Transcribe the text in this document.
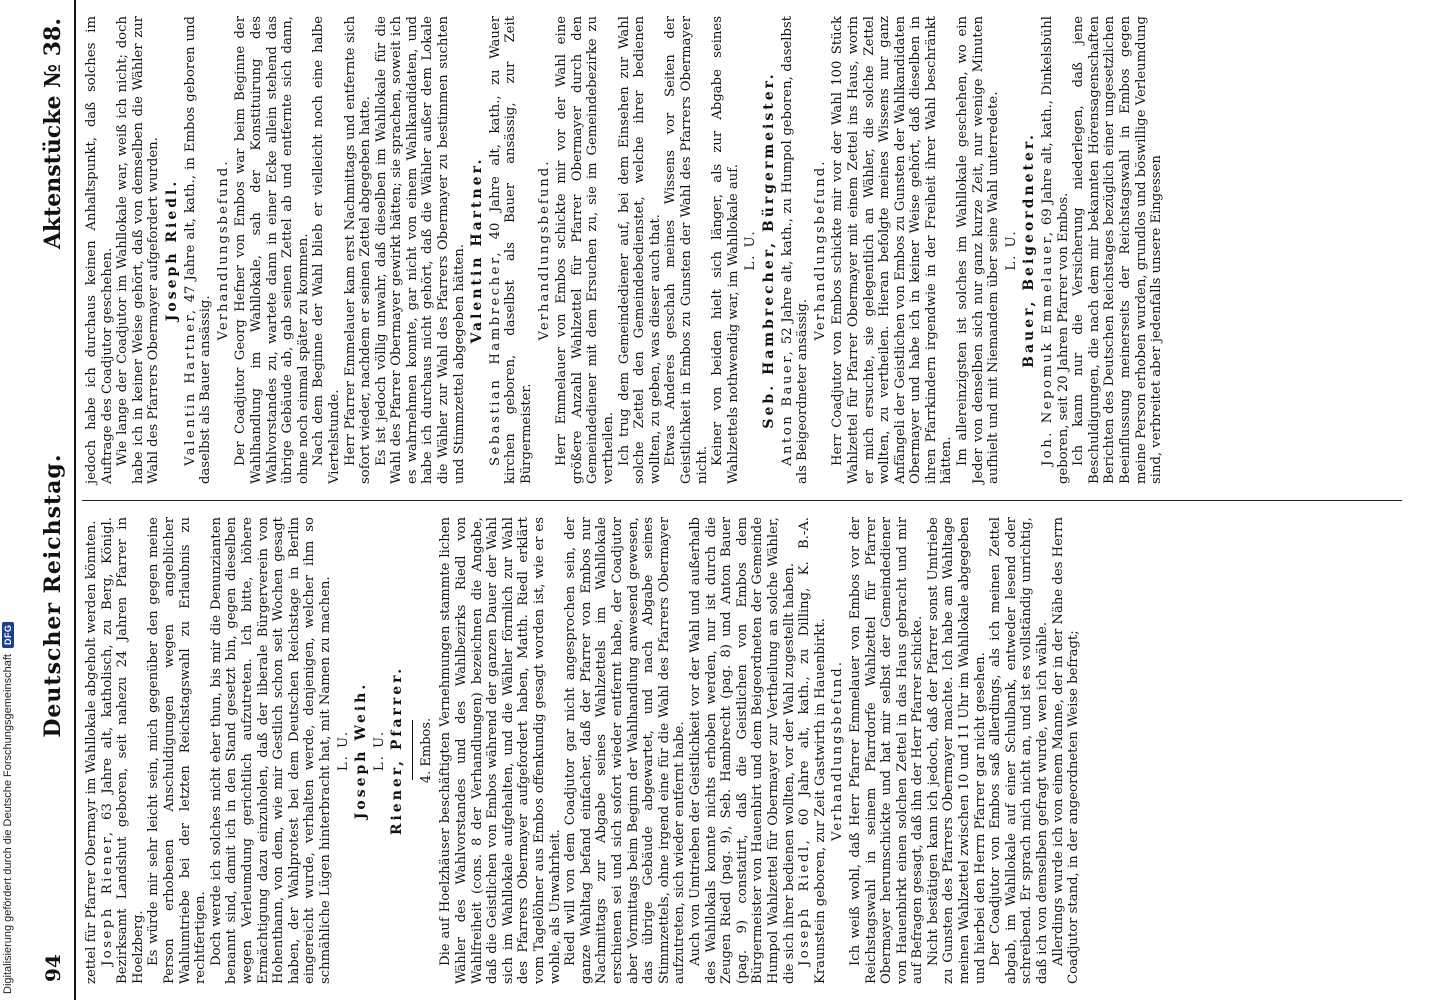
Digitalisierung gefördert durch die Deutsche Forschungsgemeinschaft
DFG
94
Deutscher Reichstag.
Aktenstücke № 38.

zettel für Pfarrer Obermayr im Wahllokale abgeholt werden könnten. Joseph Riener, 63 Jahre alt, katholisch, zu Berg, Königl. Bezirksamt Landshut geboren, seit nahezu 24 Jahren Pfarrer in Hoelzberg. Es würde mir sehr leicht sein, mich gegenüber den gegen meine Person erhobenen Anschuldigungen wegen angeblicher Wahlumtriebe bei der letzten Reichstagswahl zu Erlaubnis zu rechtfertigen. Doch werde ich solches nicht eher thun, bis mir die Denunzianten benannt sind, damit ich in den Stand gesetzt bin, gegen dieselben wegen Verleumdung gerichtlich aufzutreten. Ich bitte, höhere Ermächtigung dazu einzuholen, daß der liberale Bürgerverein von Hohenthann, von dem, wie mir Gestlich schon seit Wochen gesagt haben, der Wahlprotest bei dem Deutschen Reichstage in Berlin eingereicht wurde, verhalten werde, denjenigen, welcher ihm so schmähliche Lügen hinterbracht hat, mit Namen zu machen. L. U. Joseph Weih. L. U. Riener, Pfarrer. 4. Embos. Die auf Hoelzhäuser beschäftigten Vernehmungen stammte lichen Wähler des Wahlvorstandes und des Wahlbezirks Riedl von Wahlfreiheit (cons. 8 der Verhandlungen) bezeichnen die Angabe, daß die Geistlichen von Embos während der ganzen Dauer der Wahl sich im Wahllokale aufgehalten, und die Wähler förmlich zur Wahl des Pfarrers Obermayer aufgefordert haben, Matth. Riedl erklärt vom Tagelöhner aus Embos offenkundig gesagt worden ist, wie er es wohle, als Unwahrheit. Riedl will von dem Coadjutor gar nicht angesprochen sein, der ganze Wahltag befand einfacher, daß der Pfarrer von Embos nur Nachmittags zur Abgabe seines Wahlzettels im Wahllokale erschienen sei und sich sofort wieder entfernt habe, der Coadjutor aber Vormittags beim Beginn der Wahlhandlung anwesend gewesen, das übrige Gebäude abgewartet, und nach Abgabe seines Stimmzettels, ohne irgend eine für die Wahl des Pfarrers Obermayer aufzutreten, sich wieder entfernt habe. Auch von Umtrieben der Geistlichkeit vor der Wahl und außerhalb des Wahllokals konnte nichts erhoben werden, nur ist durch die Zeugen Riedl (pag. 9), Seb. Hambrecht (pag. 8) und Anton Bauer (pag. 9) constatirt, daß die Geistlichen von Embos dem Bürgermeister von Hauenbirt und dem Beigeordneten der Gemeinde Humpol Wahlzettel für Obermayer zur Vertheilung an solche Wähler, die sich ihrer bedienen wollten, vor der Wahl zugestellt haben. Joseph Riedl, 60 Jahre alt, kath., zu Dilling, K. B.-A. Kraunstein geboren, zur Zeit Gastwirth in Hauenbirkt. Verhandlungsbefund. Ich weiß wohl, daß Herr Pfarrer Emmelauer von Embos vor der Reichstagswahl in seinem Pfarrdorfe Wahlzettel für Pfarrer Obermayer herumschickte und hat mir selbst der Gemeindediener von Hauenbirkt einen solchen Zettel in das Haus gebracht und mir auf Befragen gesagt, daß ihn der Herr Pfarrer schicke. Nicht bestätigen kann ich jedoch, daß der Pfarrer sonst Umtriebe zu Gunsten des Pfarrers Obermayer machte. Ich habe am Wahltage meinen Wahlzettel zwischen 10 und 11 Uhr im Wahllokale abgegeben und hierbei den Herrn Pfarrer gar nicht gesehen. Der Coadjutor von Embos saß allerdings, als ich meinen Zettel abgab, im Wahllokale auf einer Schulbank, entweder lesend oder schreibend. Er sprach mich nicht an, und ist es vollständig unrichtig, daß ich von demselben gefragt wurde, wen ich wähle. Allerdings wurde ich von einem Manne, der in der Nähe des Herrn Coadjutor stand, in der angeordneten Weise befragt;

jedoch habe ich durchaus keinen Anhaltspunkt, daß solches im Auftrage des Coadjutor geschehen. Wie lange der Coadjutor im Wahllokale war, weiß ich nicht; doch habe ich in keiner Weise gehört, daß von demselben die Wähler zur Wahl des Pfarrers Obermayer aufgefordert wurden. Joseph Riedl.

Valentin Hartner, 47 Jahre alt, kath., in Embos geboren und daselbst als Bauer ansässig.

Verhandlungsbefund. Der Coadjutor Georg Hefner von Embos war beim Beginne der Wahlhandlung im Wahllokale, sah der Konstituirung des Wahlvorstandes zu, wartete dann in einer Ecke allein stehend das übrige Gebäude ab, gab seinen Zettel ab und entfernte sich dann, ohne noch einmal später zu kommen. Nach dem Beginne der Wahl blieb er vielleicht noch eine halbe Viertelstunde. Herr Pfarrer Emmelauer kam erst Nachmittags und entfernte sich sofort wieder, nachdem er seinen Zettel abgegeben hatte. Es ist jedoch völlig unwahr, daß dieselben im Wahllokale für die Wahl des Pfarrer Obermayer gewirkt hätten; sie sprachen, soweit ich es wahrnehmen konnte, gar nicht von einem Wahlkandidaten, und habe ich durchaus nicht gehört, daß die Wähler außer dem Lokale die Wähler zur Wahl des Pfarrers Obermayer zu bestimmen suchten und Stimmzettel abgegeben hätten. Valentin Hartner. Sebastian Hambrecher, 40 Jahre alt, kath., zu Wauer kirchen geboren, daselbst als Bauer ansässig, zur Zeit Bürgermeister.

Verhandlungsbefund. Herr Emmelauer von Embos schickte mir vor der Wahl eine größere Anzahl Wahlzettel für Pfarrer Obermayer durch den Gemeindediener mit dem Ersuchen zu, sie im Gemeindebezirke zu vertheilen. Ich trug dem Gemeindediener auf, bei dem Einsehen zur Wahl solche Zettel den Gemeindebedienstet, welche ihrer bedienen wollten, zu geben, was dieser auch that. Etwas Anderes geschah meines Wissens vor Seiten der Geistlichkeit in Embos zu Gunsten der Wahl des Pfarrers Obermayer nicht. Keiner von beiden hielt sich länger, als zur Abgabe seines Wahlzettels nothwendig war, im Wahllokale auf. L. U. Seb. Hambrecher, Bürgermeister. Anton Bauer, 52 Jahre alt, kath., zu Humpol geboren, daselbst als Beigeordneter ansässig.

Verhandlungsbefund. Herr Coadjutor von Embos schickte mir vor der Wahl 100 Stück Wahlzettel für Pfarrer Obermayer mit einem Zettel ins Haus, worin er mich ersuchte, sie gelegentlich an Wähler, die solche Zettel wollten, zu vertheilen. Hieran befolgte meines Wissens nur ganz Anfängeli der Geistlichen von Embos zu Gunsten der Wahlkandidaten Obermayer und habe ich in keiner Weise gehört, daß dieselben in ihren Pfarrkindern irgendwie in der Freiheit ihrer Wahl beschränkt hätten. Im allereinzigsten ist solches im Wahllokale geschehen, wo ein Jeder von denselben sich nur ganz kurze Zeit, nur wenige Minuten aufhielt und mit Niemandem über seine Wahl unterredete. L. U. Bauer, Beigeordneter. Joh. Nepomuk Emmelauer, 69 Jahre alt, kath., Dinkelsbühl geboren, seit 20 Jahren Pfarrer von Embos. Ich kann nur die Versicherung niederlegen, daß jene Beschuldigungen, die nach dem mir bekannten Hörensagenschaften Berichten des Deutschen Reichstages bezüglich einer ungesetzlichen Beeinflussung meinerseits der Reichstagswahl in Embos gegen meine Person erhoben wurden, grundlos und böswillige Verleumdung sind, verbreitet aber jedenfalls unsere Eingessen
